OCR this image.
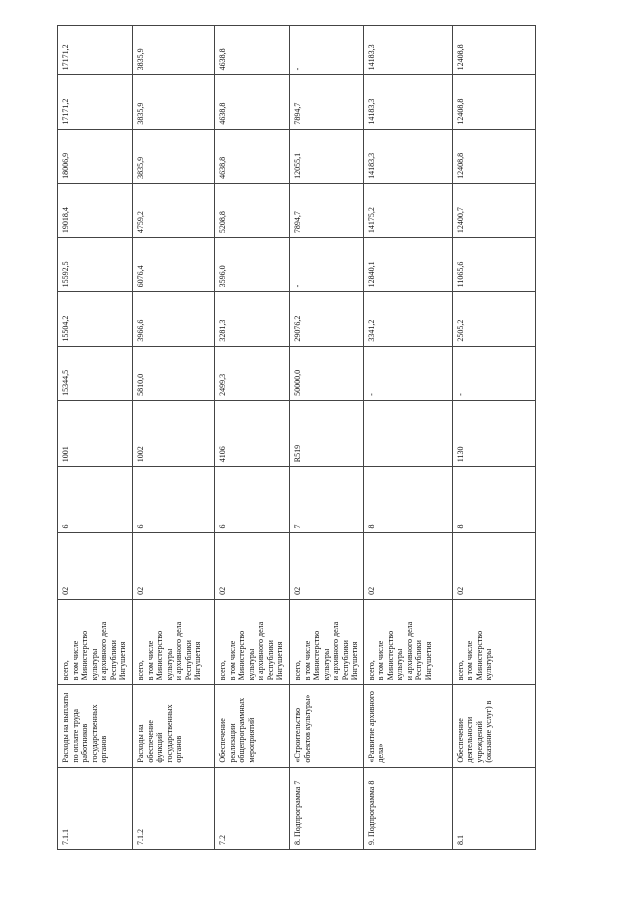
7.1.1	Расходы на выплаты по оплате труда работников государственных органов	всего,
в том числе
Министерство культуры
и архивного дела Республики Ингушетия	02	6	1001	15344,5	15504,2	15592,5	19018,4	18006,9	17171,2	17171,2
7.1.2	Расходы на обеспечение функций государственных органов	всего,
в том числе
Министерство культуры
и архивного дела Республики Ингушетия	02	6	1002	5810,0	3966,6	6076,4	4759,2	3835,9	3835,9	3835,9
7.2	Обеспечение реализации общепрограммных мероприятий	всего,
в том числе
Министерство культуры
и архивного дела Республики Ингушетия	02	6	4106	2499,3	3281,3	3596,0	5208,8	4638,8	4638,8	4638,8
8. Подпрограмма 7	«Строительство объектов культуры»	всего,
в том числе
Министерство культуры
и архивного дела Республики Ингушетия	02	7	R519	50000,0	29076,2	-	7894,7	12055,1	7894,7	-
9. Подпрограмма 8	«Развитие архивного дела»	всего,
в том числе
Министерство культуры
и архивного дела Республики Ингушетия	02	8		-	3341,2	12840,1	14175,2	14183,3	14183,3	14183,3
8.1	Обеспечение деятельности учреждений (оказание услуг) в	всего,
в том числе
Министерство культуры	02	8	1130	-	2505,2	11065,6	12400,7	12408,8	12408,8	12408,8
